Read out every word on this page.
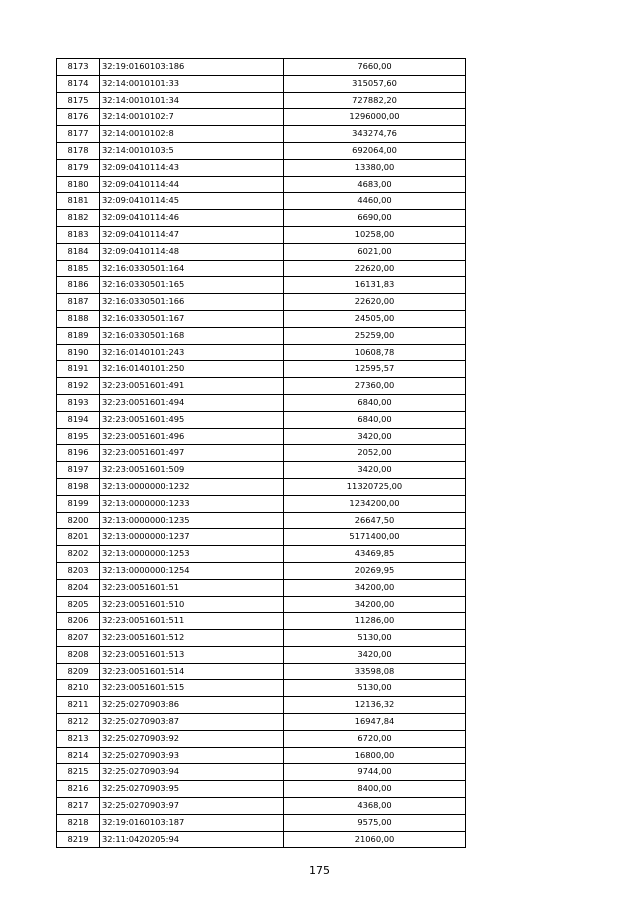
8173	32:19:0160103:186	7660,00
8174	32:14:0010101:33	315057,60
8175	32:14:0010101:34	727882,20
8176	32:14:0010102:7	1296000,00
8177	32:14:0010102:8	343274,76
8178	32:14:0010103:5	692064,00
8179	32:09:0410114:43	13380,00
8180	32:09:0410114:44	4683,00
8181	32:09:0410114:45	4460,00
8182	32:09:0410114:46	6690,00
8183	32:09:0410114:47	10258,00
8184	32:09:0410114:48	6021,00
8185	32:16:0330501:164	22620,00
8186	32:16:0330501:165	16131,83
8187	32:16:0330501:166	22620,00
8188	32:16:0330501:167	24505,00
8189	32:16:0330501:168	25259,00
8190	32:16:0140101:243	10608,78
8191	32:16:0140101:250	12595,57
8192	32:23:0051601:491	27360,00
8193	32:23:0051601:494	6840,00
8194	32:23:0051601:495	6840,00
8195	32:23:0051601:496	3420,00
8196	32:23:0051601:497	2052,00
8197	32:23:0051601:509	3420,00
8198	32:13:0000000:1232	11320725,00
8199	32:13:0000000:1233	1234200,00
8200	32:13:0000000:1235	26647,50
8201	32:13:0000000:1237	5171400,00
8202	32:13:0000000:1253	43469,85
8203	32:13:0000000:1254	20269,95
8204	32:23:0051601:51	34200,00
8205	32:23:0051601:510	34200,00
8206	32:23:0051601:511	11286,00
8207	32:23:0051601:512	5130,00
8208	32:23:0051601:513	3420,00
8209	32:23:0051601:514	33598,08
8210	32:23:0051601:515	5130,00
8211	32:25:0270903:86	12136,32
8212	32:25:0270903:87	16947,84
8213	32:25:0270903:92	6720,00
8214	32:25:0270903:93	16800,00
8215	32:25:0270903:94	9744,00
8216	32:25:0270903:95	8400,00
8217	32:25:0270903:97	4368,00
8218	32:19:0160103:187	9575,00
8219	32:11:0420205:94	21060,00
175
